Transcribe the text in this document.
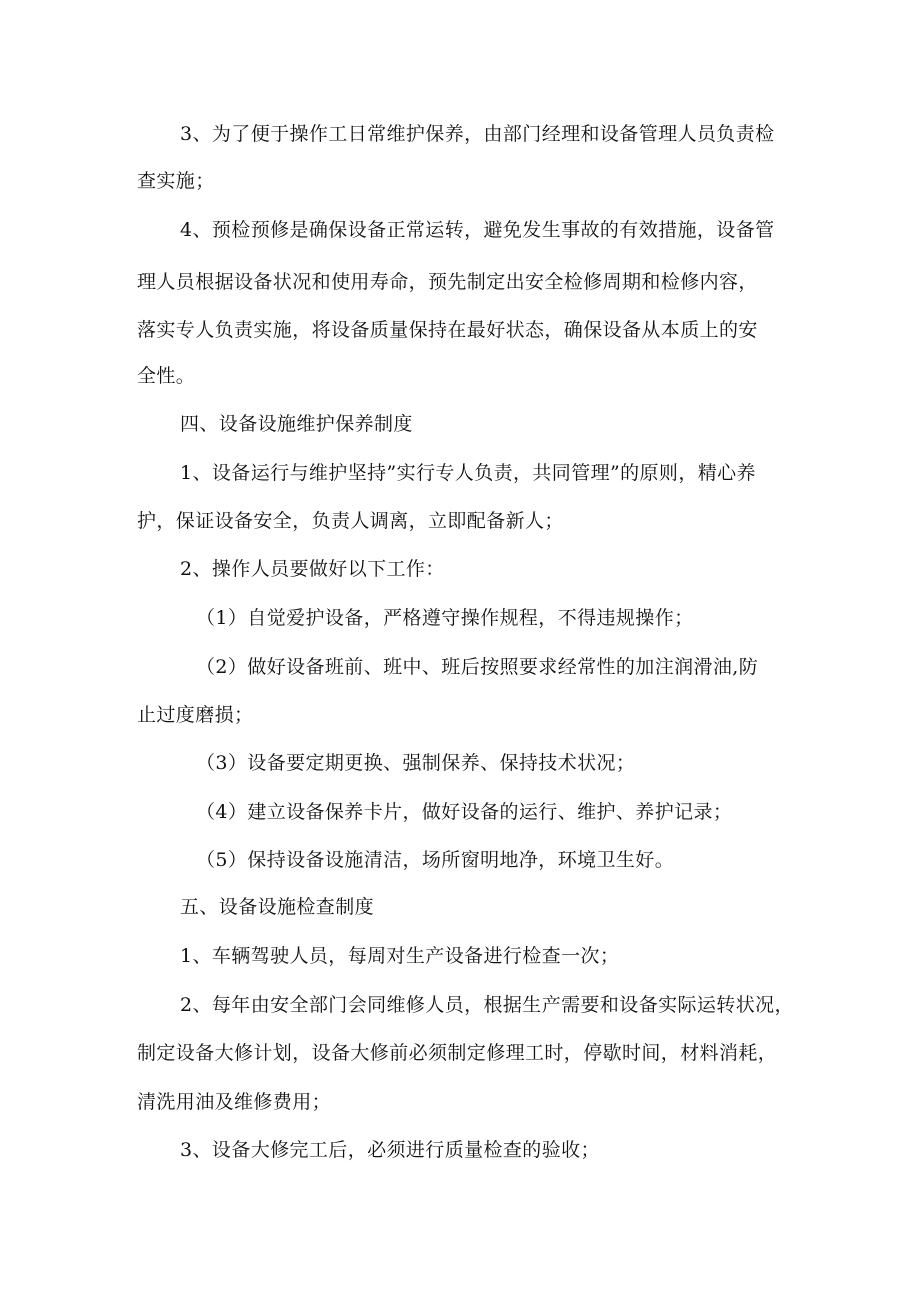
3、为了便于操作工日常维护保养，由部门经理和设备管理人员负责检
查实施；
4、预检预修是确保设备正常运转，避免发生事故的有效措施，设备管
理人员根据设备状况和使用寿命，预先制定出安全检修周期和检修内容，
落实专人负责实施，将设备质量保持在最好状态，确保设备从本质上的安
全性。
四、设备设施维护保养制度
1、设备运行与维护坚持”实行专人负责，共同管理”的原则，精心养
护，保证设备安全，负责人调离，立即配备新人；
2、操作人员要做好以下工作：
（1）自觉爱护设备，严格遵守操作规程，不得违规操作；
（2）做好设备班前、班中、班后按照要求经常性的加注润滑油,防
止过度磨损；
（3）设备要定期更换、强制保养、保持技术状况；
（4）建立设备保养卡片，做好设备的运行、维护、养护记录；
（5）保持设备设施清洁，场所窗明地净，环境卫生好。
五、设备设施检查制度
1、车辆驾驶人员，每周对生产设备进行检查一次；
2、每年由安全部门会同维修人员，根据生产需要和设备实际运转状况，
制定设备大修计划，设备大修前必须制定修理工时，停歇时间，材料消耗，
清洗用油及维修费用；
3、设备大修完工后，必须进行质量检查的验收；
